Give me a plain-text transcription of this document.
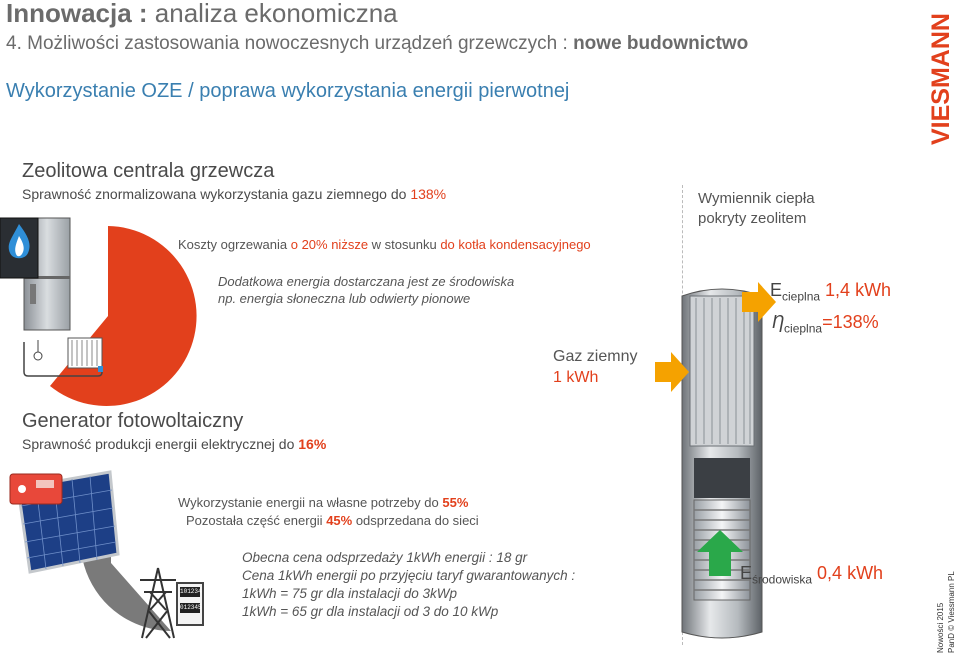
Innowacja : analiza ekonomiczna
4. Możliwości zastosowania nowoczesnych urządzeń grzewczych : nowe budownictwo
Wykorzystanie OZE / poprawa wykorzystania energii pierwotnej	VIESMANN
Zeolitowa centrala grzewcza
Sprawność znormalizowana wykorzystania gazu ziemnego do 138%
Koszty ogrzewania o 20% niższe w stosunku do kotła kondensacyjnego
Dodatkowa energia dostarczana jest ze środowiska
np. energia słoneczna lub odwierty pionowe
Wymiennik ciepła
pokryty zeolitem
$E_{cieplna}$ 1,4 kWh
$Ƞ_{cieplna}=138\%$
Gaz ziemny
1 kWh
$E_{środowiska}$ 0,4 kWh
Generator fotowoltaiczny
Sprawność produkcji energii elektrycznej do 16%
Wykorzystanie energii na własne potrzeby do 55%
Pozostała część energii 45% odsprzedana do sieci
101234
012345
Obecna cena odsprzedaży 1kWh energii : 18 gr
Cena 1kWh energii po przyjęciu taryf gwarantowanych :
1kWh = 75 gr dla instalacji do 3kWp
1kWh = 65 gr dla instalacji od 3 do 10 kWp	Nowości 2015 PanD © Viessmann PL
